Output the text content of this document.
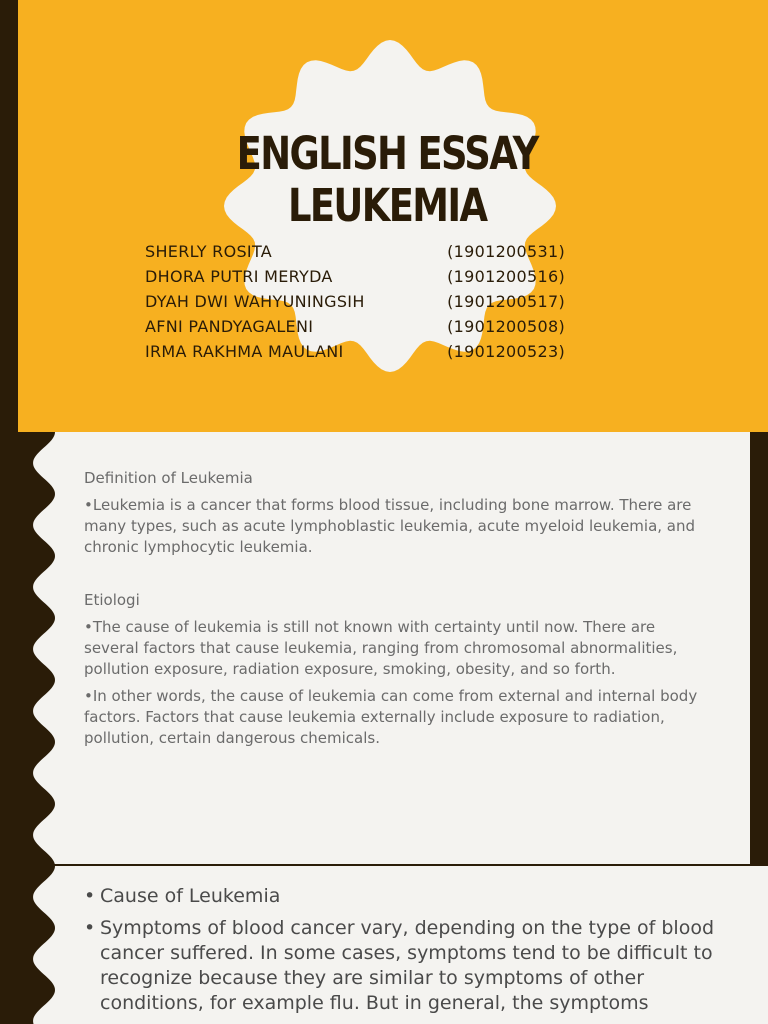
ENGLISH ESSAY
LEUKEMIA
SHERLY ROSITA	(1901200531)
DHORA PUTRI MERYDA	(1901200516)
DYAH DWI WAHYUNINGSIH	(1901200517)
AFNI PANDYAGALENI	(1901200508)
IRMA RAKHMA MAULANI	(1901200523)
Definition of Leukemia
•Leukemia is a cancer that forms blood tissue, including bone marrow. There are many types, such as acute lymphoblastic leukemia, acute myeloid leukemia, and chronic lymphocytic leukemia.
Etiologi
•The cause of leukemia is still not known with certainty until now. There are several factors that cause leukemia, ranging from chromosomal abnormalities, pollution exposure, radiation exposure, smoking, obesity, and so forth.
•In other words, the cause of leukemia can come from external and internal body factors. Factors that cause leukemia externally include exposure to radiation, pollution, certain dangerous chemicals.
• Cause of Leukemia
• Symptoms of blood cancer vary, depending on the type of blood cancer suffered. In some cases, symptoms tend to be difficult to recognize because they are similar to symptoms of other conditions, for example flu. But in general, the symptoms
